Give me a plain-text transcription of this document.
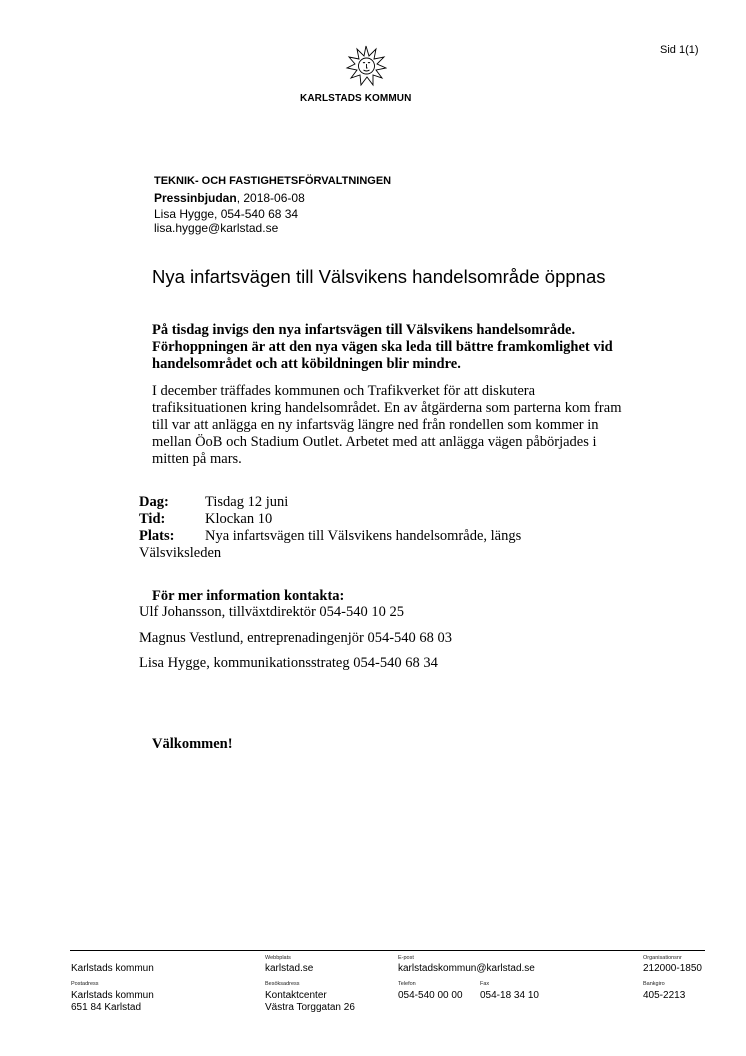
Sid 1(1)
KARLSTADS KOMMUN
TEKNIK- OCH FASTIGHETSFÖRVALTNINGEN
Pressinbjudan, 2018-06-08
Lisa Hygge, 054-540 68 34
lisa.hygge@karlstad.se
Nya infartsvägen till Välsvikens handelsområde öppnas
På tisdag invigs den nya infartsvägen till Välsvikens handelsområde. Förhoppningen är att den nya vägen ska leda till bättre framkomlighet vid handelsområdet och att köbildningen blir mindre.
I december träffades kommunen och Trafikverket för att diskutera trafiksituationen kring handelsområdet. En av åtgärderna som parterna kom fram till var att anlägga en ny infartsväg längre ned från rondellen som kommer in mellan ÖoB och Stadium Outlet. Arbetet med att anlägga vägen påbörjades i mitten på mars.
Dag: Tisdag 12 juni
Tid:	Klockan 10
Plats: Nya infartsvägen till Välsvikens handelsområde, längs
Välsviksleden
För mer information kontakta:
Ulf Johansson, tillväxtdirektör 054-540 10 25
Magnus Vestlund, entreprenadingenjör 054-540 68 03
Lisa Hygge, kommunikationsstrateg 054-540 68 34
Välkommen!
Karlstads kommun
Webbplats
karlstad.se
E-post
karlstadskommun@karlstad.se
Organisationsnr
212000-1850
Postadress
Karlstads kommun
651 84 Karlstad
Besöksadress
Kontaktcenter
Västra Torggatan 26
Telefon
054-540 00 00
Fax
054-18 34 10
Bankgiro
405-2213
